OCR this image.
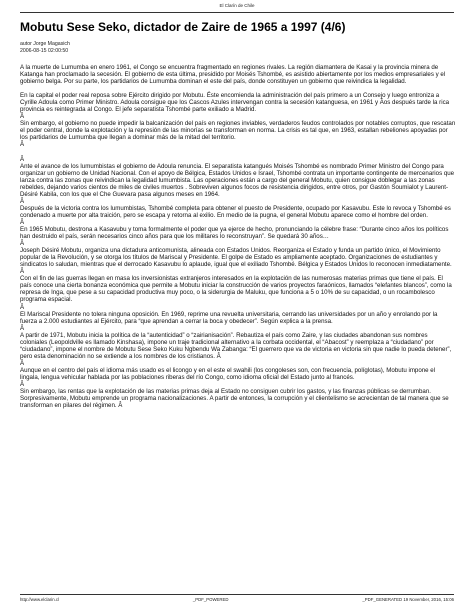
El Clarín de Chile
Mobutu Sese Seko, dictador de Zaire de 1965 a 1997 (4/6)
autor Jorge Magasich
2006-08-15 02:00:50

A la muerte de Lumumba en enero 1961, el Congo se encuentra fragmentado en regiones rivales. La región diamantera de Kasai y la provincia minera de Katanga han proclamado la secesión. El gobierno de esta última, presidido por Moisés Tshombé, es asistido abiertamente por los medios empresariales y el gobierno belga. Por su parte, los partidarios de Lumumba dominan el este del país, donde constituyen un gobierno que reivindica la legalidad.

En la capital el poder real reposa sobre Ejército dirigido por Mobutu. Éste encomienda la administración del país primero a un Consejo y luego entroniza a Cyrille Adoula como Primer Ministro. Adoula consigue que los Cascos Azules intervengan contra la secesión katanguesa, en 1961 y Ãos después tarde la rica provincia es reintegrada al Congo. El jefe separatista Tshombé parte exiliado a Madrid.
Â

Sin embargo, el gobierno no puede impedir la balcanización del país en regiones inviables, verdaderos feudos controlados por notables corruptos, que rescatan el poder central, donde la explotación y la represión de las minorías se transforman en norma. La crisis es tal que, en 1963, estallan rebeliones apoyadas por los partidarios de Lumumba que llegan a dominar más de la mitad del territorio.
Â

Â
Ante el avance de los lumumbistas el gobierno de Adoula renuncia. El separatista katangués Moisés Tshombé es nombrado Primer Ministro del Congo para organizar un gobierno de Unidad Nacional. Con el apoyo de Bélgica, Estados Unidos e Israel, Tshombé contrata un importante contingente de mercenarios que lanza contra las zonas que reivindican la legalidad lumumbista. Las operaciones están a cargo del general Mobutu, quien consigue doblegar a las zonas rebeldes, dejando varios cientos de miles de civiles muertos . Sobreviven algunos focos de resistencia dirigidos, entre otros, por Gastón Soumialot y Laurent-Désiré Kabila, con los que el Che Guevara pasa algunos meses en 1964.
Â

Después de la victoria contra los lumumbistas, Tshombé completa para obtener el puesto de Presidente, ocupado por Kasavubu. Este lo revoca y Tshombé es condenado a muerte por alta traición, pero se escapa y retorna al exilio. En medio de la pugna, el general Mobutu aparece como el hombre del orden.
Â

En 1965 Mobutu, destrona a Kasavubu y toma formalmente el poder que ya ejerce de hecho, pronunciando la célebre frase: “Durante cinco años los políticos han destruido el país, serán necesarios cinco años para que los militares lo reconstruyan”. Se quedará 30 años…
Â

Joseph Désiré Mobutu, organiza una dictadura anticomunista, alineada con Estados Unidos. Reorganiza el Estado y funda un partido único, el Movimiento popular de la Revolución, y se otorga los títulos de Mariscal y Presidente. El golpe de Estado es ampliamente aceptado. Organizaciones de estudiantes y sindicatos lo saludan, mientras que el derrocado Kasavubu lo aplaude, igual que el exiliado Tshombé. Bélgica y Estados Unidos lo reconocen inmediatamente.
Â

Con el fin de las guerras llegan en masa los inversionistas extranjeros interesados en la explotación de las numerosas materias primas que tiene el país. El país conoce una cierta bonanza económica que permite a Mobutu iniciar la construcción de varios proyectos faraónicos, llamados “elefantes blancos”, como la represa de Inga, que pese a su capacidad productiva muy poco, o la siderurgia de Maluku, que funciona a 5 o 10% de su capacidad, o un rocambolesco programa espacial.
Â

El Mariscal Presidente no tolera ninguna oposición. En 1969, reprime una revuelta universitaria, cerrando las universidades por un año y enrolando por la fuerza a 2.000 estudiantes al Ejército, para “que aprendan a cerrar la boca y obedecer”. Según explica a la prensa.
Â

A partir de 1971, Mobutu inicia la política de la “autenticidad” o “zairianisación”. Rebautiza el país como Zaire, y las ciudades abandonan sus nombres coloniales (Leopoldville es llamado Kinshasa), impone un traje tradicional alternativo a la corbata occidental, el “Abacost” y reemplaza a “ciudadano” por “ciudadano”, impone el nombre de Mobutu Sese Seko Kuku Ngbendu Wa Zabanga: “El guerrero que va de victoria en victoria sin que nadie lo pueda detener”, pero esta denominación no se extiende a los nombres de los cristianos. Â
Â

Aunque en el centro del país el idioma más usado es el licongo y en el este el swahili (los congoleses son, con frecuencia, políglotas), Mobutu impone el lingala, lengua vehicular hablada por las poblaciones riberas del río Congo, como idioma oficial del Estado junto al francés.
Â

Sin embargo, las rentas que la explotación de las materias primas deja al Estado no consiguen cubrir los gastos, y las finanzas públicas se derrumban. Sorpresivamente, Mobutu emprende un programa nacionalizaciones. A partir de entonces, la corrupción y el clientelismo se acrecientan de tal manera que se transforman en pilares del régimen. Â

http://www.elclarin.cl	_PDF_POWERED	_PDF_GENERATED 19 November, 2016, 15:06
